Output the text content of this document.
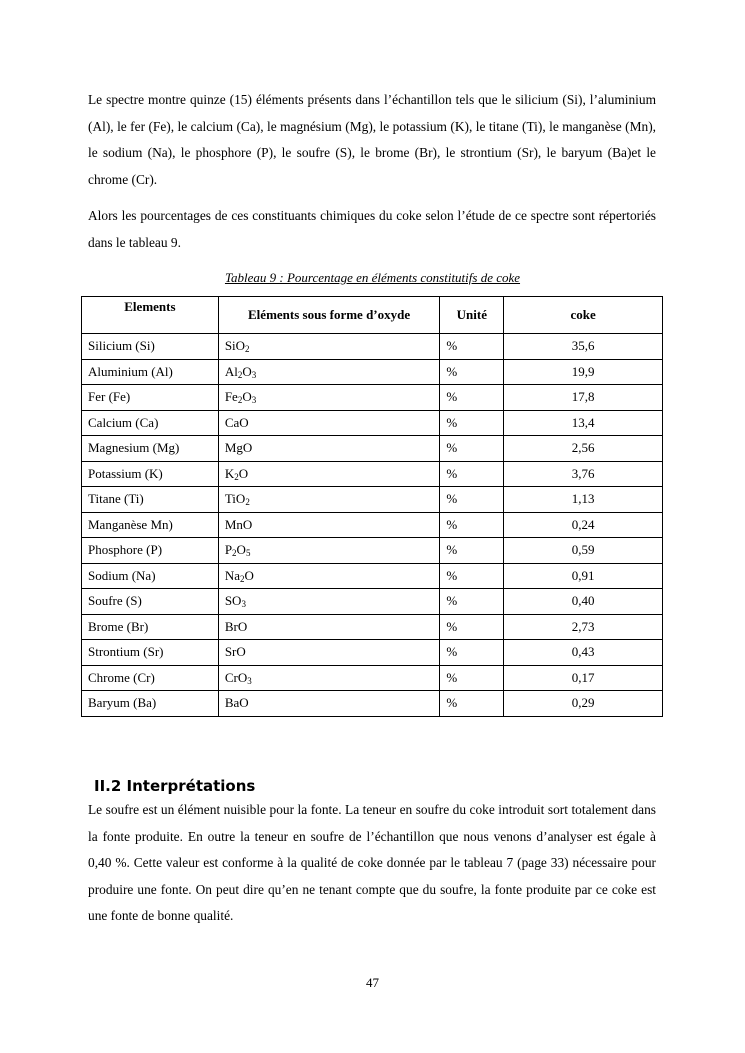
Le spectre montre quinze (15) éléments présents dans l’échantillon tels que le silicium (Si), l’aluminium (Al), le fer (Fe), le calcium (Ca), le magnésium (Mg), le potassium (K), le titane (Ti), le manganèse (Mn), le sodium (Na), le phosphore (P), le soufre (S), le brome (Br), le strontium (Sr), le baryum (Ba)et le chrome (Cr).

Alors les pourcentages de ces constituants chimiques du coke selon l’étude de ce spectre sont répertoriés dans le tableau 9.

Tableau 9 : Pourcentage en éléments constitutifs de coke
Elements	Eléments sous forme d’oxyde	Unité	coke
Silicium (Si)	SiO$_2$	%	35,6
Aluminium (Al)	$Al_2O_3$	%	19,9
Fer (Fe)	$Fe_2O_3$	%	17,8
Calcium (Ca)	CaO	%	13,4
Magnesium (Mg)	MgO	%	2,56
Potassium (K)	$K_2O$	%	3,76
Titane (Ti)	TiO$_2$	%	1,13
Manganèse Mn)	MnO	%	0,24
Phosphore (P)	$P_2O_5$	%	0,59
Sodium (Na)	$Na_2O$	%	0,91
Soufre (S)	$SO_3$	%	0,40
Brome (Br)	BrO	%	2,73
Strontium (Sr)	SrO	%	0,43
Chrome (Cr)	CrO$_3$	%	0,17
Baryum (Ba)	BaO	%	0,29
II.2 Interprétations

Le soufre est un élément nuisible pour la fonte. La teneur en soufre du coke introduit sort totalement dans la fonte produite. En outre la teneur en soufre de l’échantillon que nous venons d’analyser est égale à 0,40 %. Cette valeur est conforme à la qualité de coke donnée par le tableau 7 (page 33) nécessaire pour produire une fonte. On peut dire qu’en ne tenant compte que du soufre, la fonte produite par ce coke est une fonte de bonne qualité.

47
